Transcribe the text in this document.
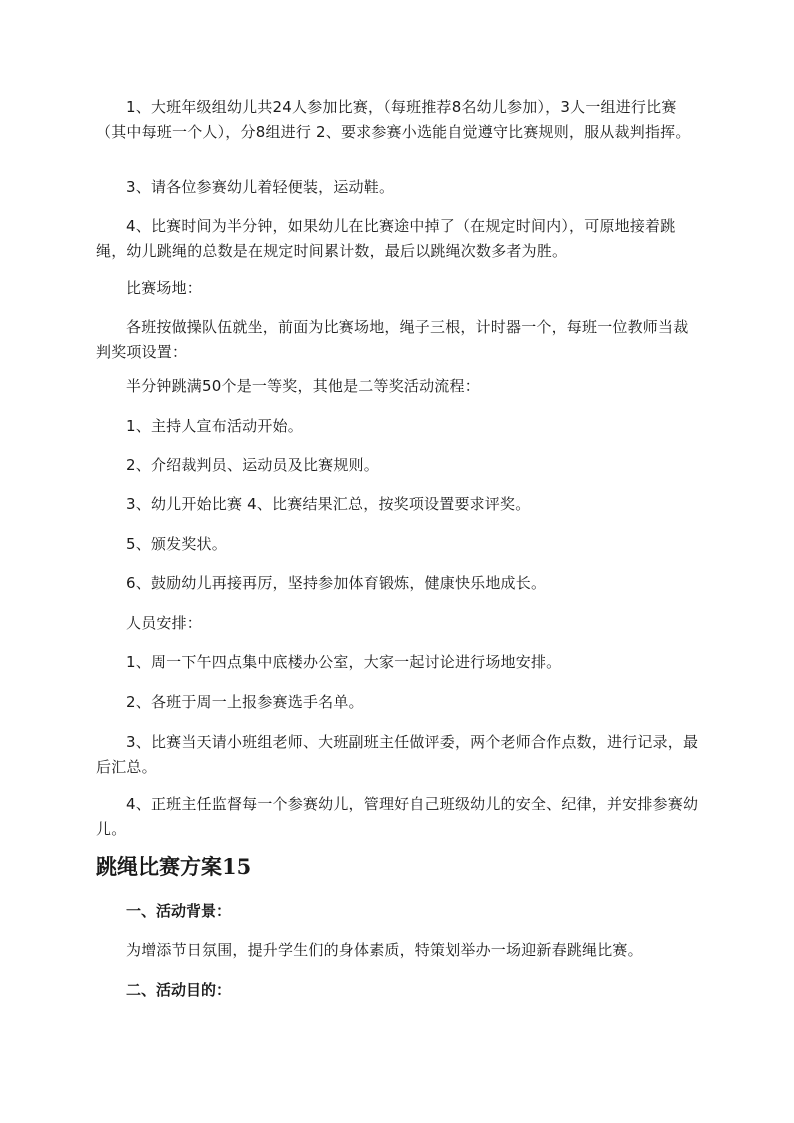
1、大班年级组幼儿共24人参加比赛，（每班推荐8名幼儿参加），3人一组进行比赛（其中每班一个人），分8组进行 2、要求参赛小选能自觉遵守比赛规则，服从裁判指挥。

3、请各位参赛幼儿着轻便装，运动鞋。

4、比赛时间为半分钟，如果幼儿在比赛途中掉了（在规定时间内），可原地接着跳绳，幼儿跳绳的总数是在规定时间累计数，最后以跳绳次数多者为胜。

比赛场地：

各班按做操队伍就坐，前面为比赛场地，绳子三根，计时器一个，每班一位教师当裁判奖项设置：

半分钟跳满50个是一等奖，其他是二等奖活动流程：

1、主持人宣布活动开始。

2、介绍裁判员、运动员及比赛规则。

3、幼儿开始比赛 4、比赛结果汇总，按奖项设置要求评奖。

5、颁发奖状。

6、鼓励幼儿再接再厉，坚持参加体育锻炼，健康快乐地成长。

人员安排：

1、周一下午四点集中底楼办公室，大家一起讨论进行场地安排。

2、各班于周一上报参赛选手名单。

3、比赛当天请小班组老师、大班副班主任做评委，两个老师合作点数，进行记录，最后汇总。

4、正班主任监督每一个参赛幼儿，管理好自己班级幼儿的安全、纪律，并安排参赛幼儿。

跳绳比赛方案15

一、活动背景：

为增添节日氛围，提升学生们的身体素质，特策划举办一场迎新春跳绳比赛。

二、活动目的：
